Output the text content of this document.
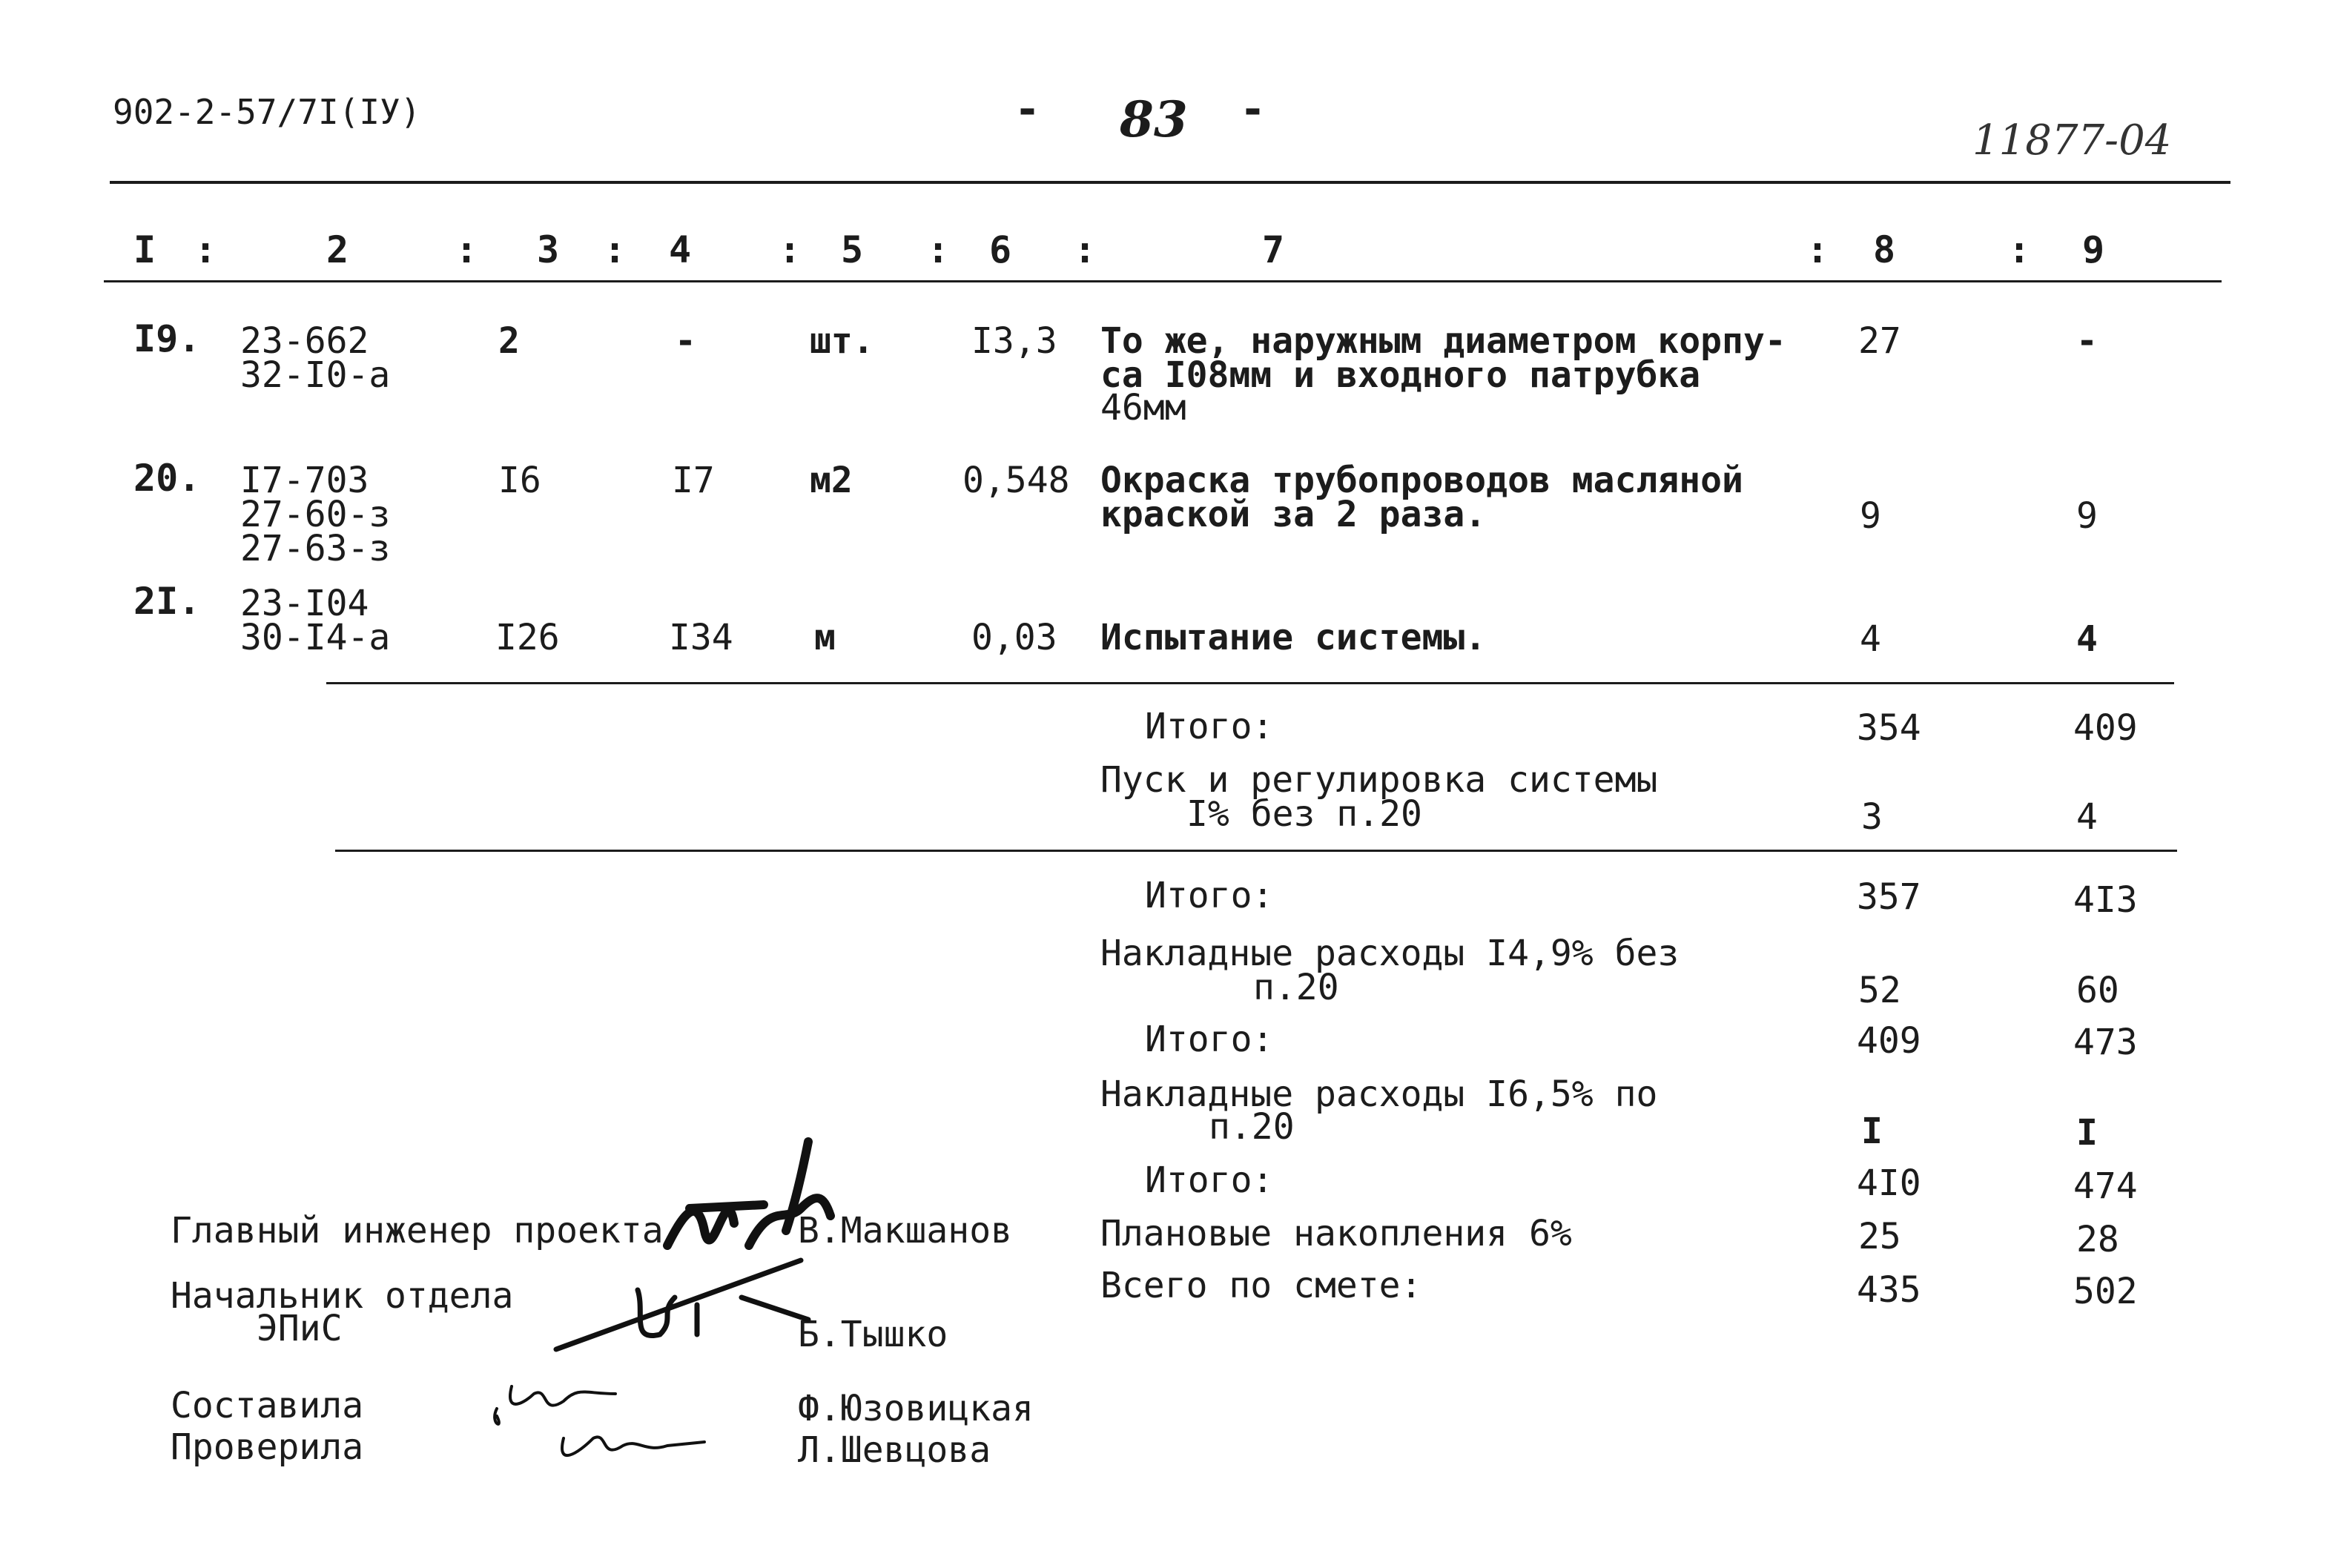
902-2-57/7I(IУ)	- 83 -
11877-04
I :	2	: 3 : 4 : 5 : 6 :	7	: 8	: 9
I9. 23-662
32-I0-а
2	-	шт.	I3,3 То же, наружным диаметром корпу-
са I08мм и входного патрубка
46мм
27	-
20. I7-703
27-60-з
27-63-з
I6	I7	м2	0,548 Окраска трубопроводов масляной
краской за 2 раза.	9	9
2I. 23-I04
30-I4-а	I26	I34 м	0,03 Испытание системы.	4	4
Итого:	354	409
Пуск и регулировка системы
I% без п.20	3	4
Итого:	357	4I3
Накладные расходы I4,9% без
п.20	52	60
Итого:	409	473
Накладные расходы I6,5% по
п.20	I	I
Итого:	4I0	474
Плановые накопления 6%	25	28
Всего по смете:	435	502
Главный инженер проекта	В.Макшанов
Начальник отдела
ЭПиС	Б.Тышко
Составила	Ф.Юзовицкая
Проверила	Л.Шевцова
